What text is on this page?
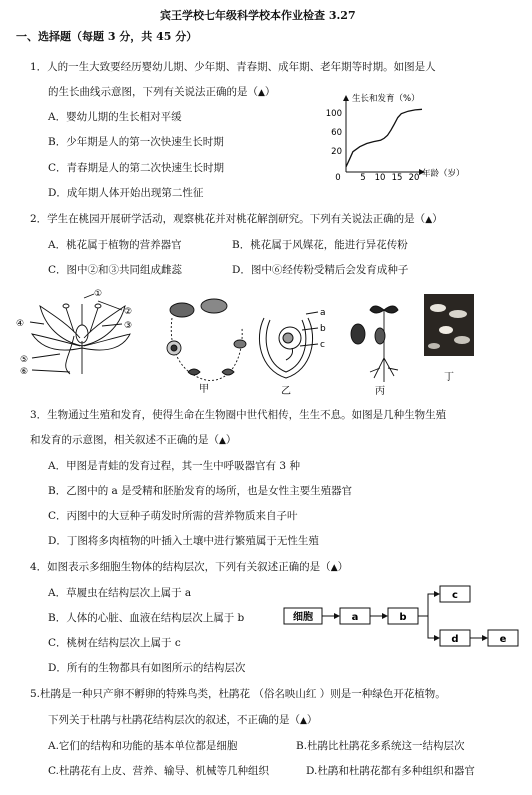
宾王学校七年级科学校本作业检查 3.27
一、选择题（每题 3 分，共 45 分）
1．人的一生大致要经历婴幼儿期、少年期、青春期、成年期、老年期等时期。如图是人
的生长曲线示意图，下列有关说法正确的是（▲）
A．婴幼儿期的生长相对平缓
B．少年期是人的第一次快速生长时期
C．青春期是人的第二次快速生长时期
D．成年期人体开始出现第二性征
生长和发育（%）
年龄（岁）
100
60
20
0 5 10 15 20
2．学生在桃园开展研学活动，观察桃花并对桃花解剖研究。下列有关说法正确的是（▲）
A．桃花属于植物的营养器官	B．桃花属于风媒花，能进行异花传粉
C．图中②和③共同组成雌蕊	D．图中⑥经传粉受精后会发育成种子
①
②
③
④
⑤
⑥
甲
a
b
c
乙	丙
丁
3．生物通过生殖和发育，使得生命在生物圈中世代相传，生生不息。如图是几种生物生殖
和发育的示意图，相关叙述不正确的是（▲）
A．甲图是青蛙的发育过程，其一生中呼吸器官有 3 种
B．乙图中的 a 是受精和胚胎发育的场所，也是女性主要生殖器官
C．丙图中的大豆种子萌发时所需的营养物质来自子叶
D．丁图将多肉植物的叶插入土壤中进行繁殖属于无性生殖
4．如图表示多细胞生物体的结构层次，下列有关叙述正确的是（▲）
A．草履虫在结构层次上属于 a
B．人体的心脏、血液在结构层次上属于 b
C．桃树在结构层次上属于 c
D．所有的生物都具有如图所示的结构层次
细胞	a	b
c
d	e
5.杜鹃是一种只产卵不孵卵的特殊鸟类，杜鹃花 （俗名映山红 ）则是一种绿色开花植物。
下列关于杜鹃与杜鹃花结构层次的叙述，不正确的是（▲）
A.它们的结构和功能的基本单位都是细胞	B.杜鹃比杜鹃花多系统这一结构层次
C.杜鹃花有上皮、营养、输导、机械等几种组织	D.杜鹃和杜鹃花都有多种组织和器官
